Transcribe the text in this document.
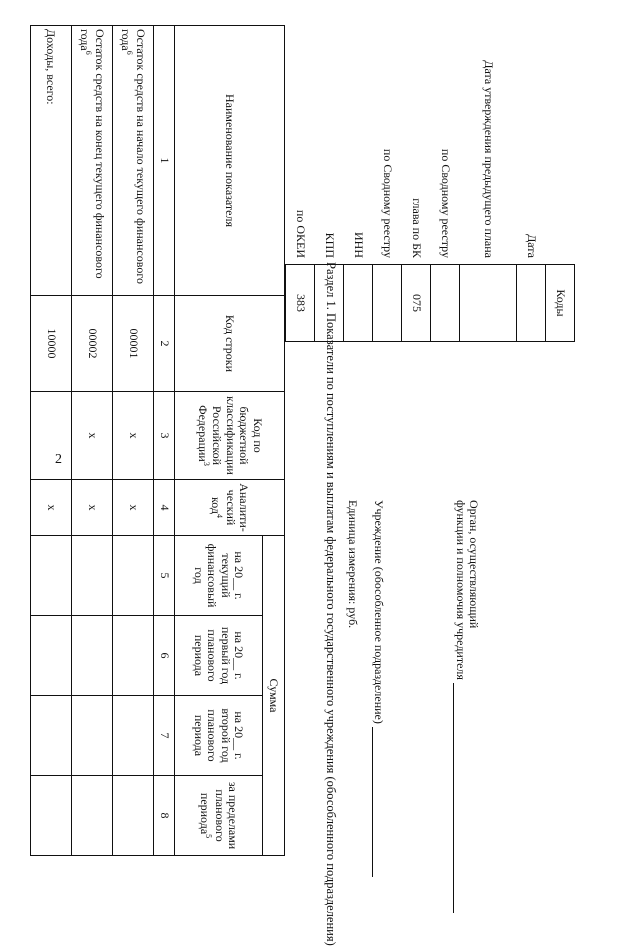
2
	Коды
Дата	
Дата утверждения предыдущего плана	
по Сводному реестру	
глава по БК	075
по Сводному реестру	
ИНН	
КПП	
по ОКЕИ	383
Орган, осуществляющий
функции и полномочия учредителя
Учреждение (обособленное подразделение)
Единица измерения: руб.
Раздел 1. Показатели по поступлениям и выплатам федерального государственного учреждения (обособленного подразделения)
Наименование показателя	Код строки	Код по бюджетной классификации Российской Федерации$^3$	Аналити-ческий код$^4$	Сумма			
				на 20__ г. текущий финансовый год	на 20__ г. первый год планового периода	на 20__ г. второй год планового периода	за пределами планового периода$^5$
1	2	3	4	5	6	7	8
Остаток средств на начало текущего финансового года$^6$	00001	х	х				
Остаток средств на конец текущего финансового года$^6$	00002	х	х				
Доходы, всего:	10000		х				
